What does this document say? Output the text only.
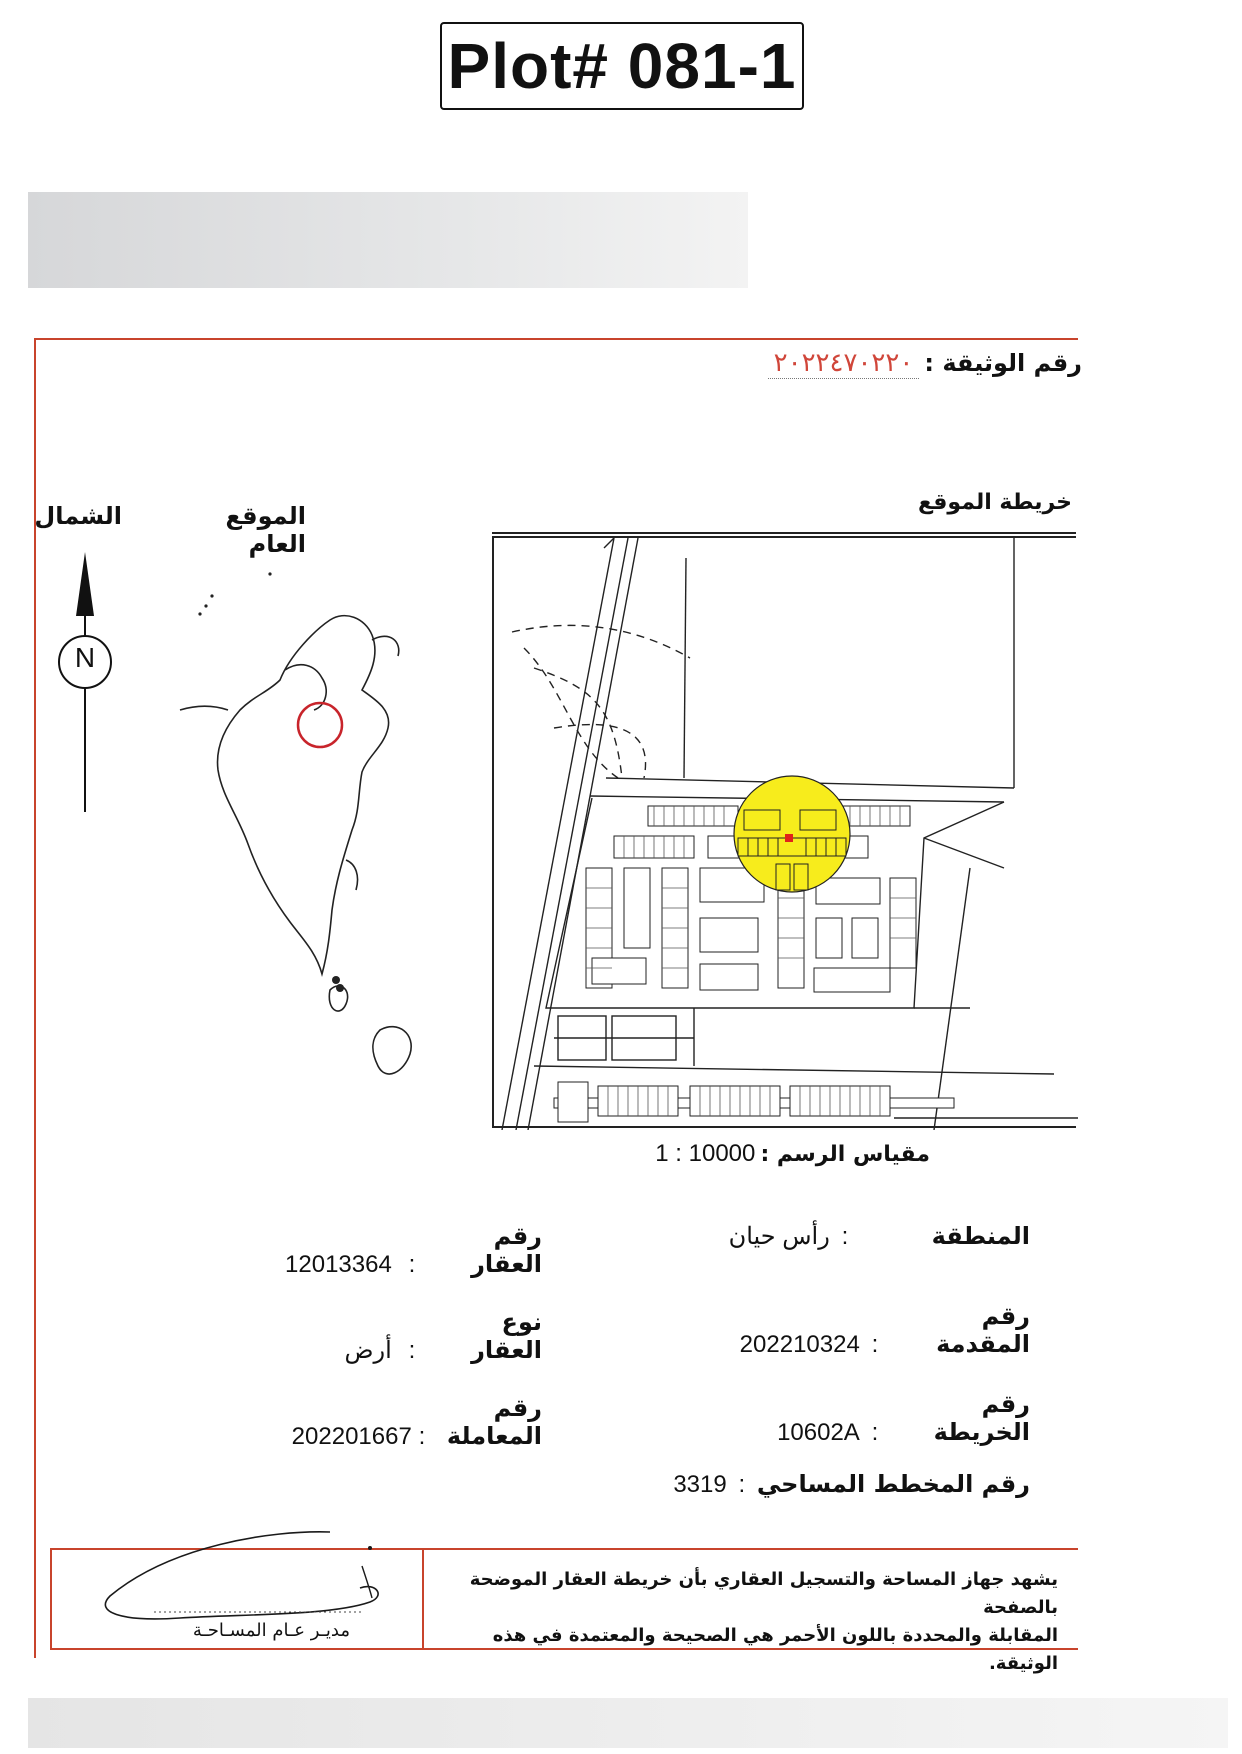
Plot# 081-1
رقم الوثيقة : ٢٠٢٢٤٧٠٢٢٠
الموقع العام
الشمال
N
خريطة الموقع
مقياس الرسم : 1 : 10000
المنطقة : رأس حيان
رقم المقدمة : 202210324
رقم الخريطة : 10602A
رقم المخطط المساحي : 3319
رقم العقار : 12013364
نوع العقار : أرض
رقم المعاملة : 202201667
يشهد جهاز المساحة والتسجيل العقاري بأن خريطة العقار الموضحة بالصفحة
المقابلة والمحددة باللون الأحمر هي الصحيحة والمعتمدة في هذه الوثيقة.
مديـر عـام المسـاحـة
